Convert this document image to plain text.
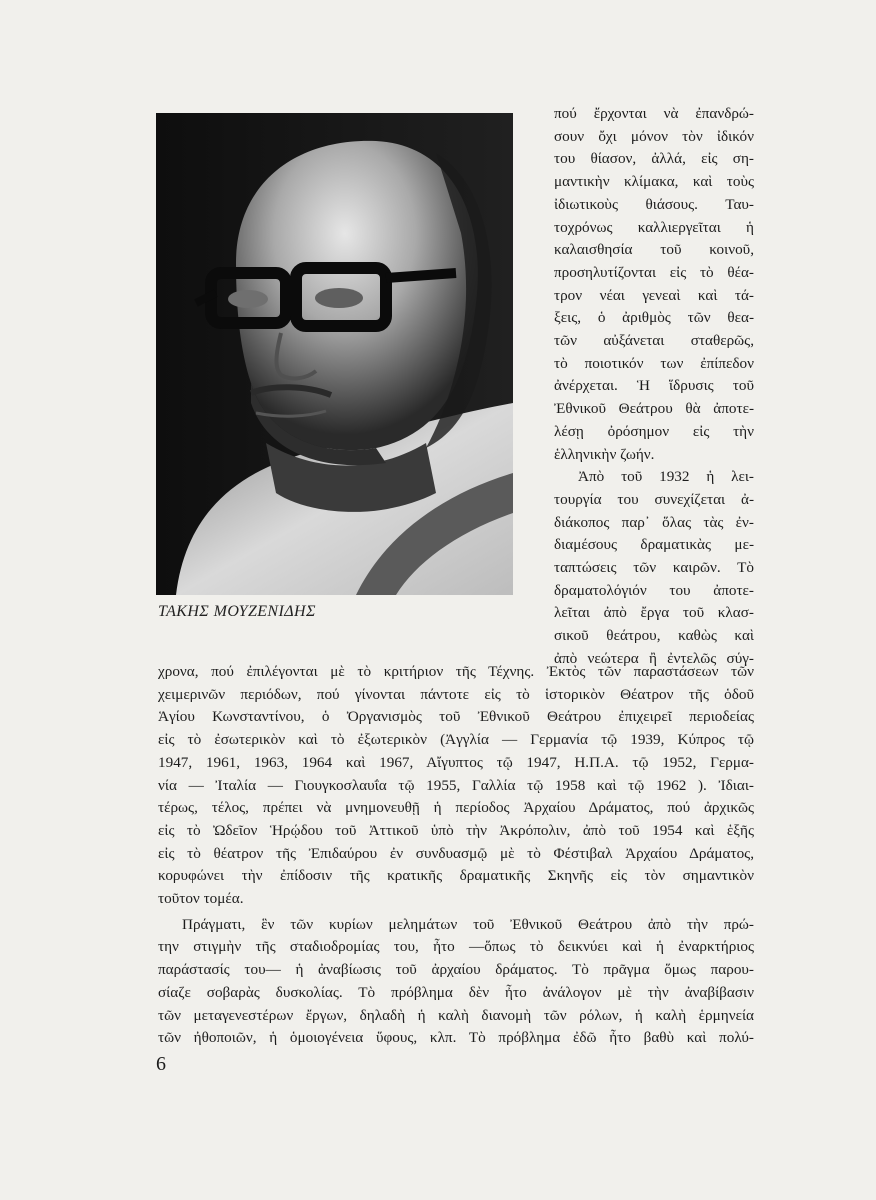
ΤΑΚΗΣ ΜΟΥΖΕΝΙΔΗΣ
πού ἔρχονται νὰ ἐπανδρώ-
σουν ὄχι μόνον τὸν ἰδικόν
του θίασον, ἀλλά, εἰς ση-
μαντικὴν κλίμακα, καὶ τοὺς
ἰδιωτικοὺς θιάσους. Ταυ-
τοχρόνως καλλιεργεῖται ἡ
καλαισθησία τοῦ κοινοῦ,
προσηλυτίζονται εἰς τὸ θέα-
τρον νέαι γενεαὶ καὶ τά-
ξεις, ὁ ἀριθμὸς τῶν θεα-
τῶν αὐξάνεται σταθερῶς,
τὸ ποιοτικόν των ἐπίπεδον
ἀνέρχεται. Ἡ ἵδρυσις τοῦ
Ἐθνικοῦ Θεάτρου θὰ ἀποτε-
λέσῃ ὀρόσημον εἰς τὴν
ἑλληνικὴν ζωήν.
Ἀπὸ τοῦ 1932 ἡ λει-
τουργία του συνεχίζεται ἀ-
διάκοπος παρ᾽ ὅλας τὰς ἐν-
διαμέσους δραματικὰς με-
ταπτώσεις τῶν καιρῶν. Τὸ
δραματολόγιόν του ἀποτε-
λεῖται ἀπὸ ἔργα τοῦ κλασ-
σικοῦ θεάτρου, καθὼς καὶ
ἀπὸ νεώτερα ἢ ἐντελῶς σύγ-
χρονα, πού ἐπιλέγονται μὲ τὸ κριτήριον τῆς Τέχνης. Ἐκτὸς τῶν παραστάσεων τῶν
χειμερινῶν περιόδων, πού γίνονται πάντοτε εἰς τὸ ἱστορικὸν Θέατρον τῆς ὁδοῦ
Ἁγίου Κωνσταντίνου, ὁ Ὀργανισμὸς τοῦ Ἐθνικοῦ Θεάτρου ἐπιχειρεῖ περιοδείας
εἰς τὸ ἐσωτερικὸν καὶ τὸ ἐξωτερικὸν (Ἀγγλία — Γερμανία τῷ 1939, Κύπρος τῷ
1947, 1961, 1963, 1964 καὶ 1967, Αἴγυπτος τῷ 1947, Η.Π.Α. τῷ 1952, Γερμα-
νία — Ἰταλία — Γιουγκοσλαυΐα τῷ 1955, Γαλλία τῷ 1958 καὶ τῷ 1962 ). Ἰδιαι-
τέρως, τέλος, πρέπει νὰ μνημονευθῇ ἡ περίοδος Ἀρχαίου Δράματος, πού ἀρχικῶς
εἰς τὸ Ὠδεῖον Ἡρῴδου τοῦ Ἀττικοῦ ὑπὸ τὴν Ἀκρόπολιν, ἀπὸ τοῦ 1954 καὶ ἑξῆς
εἰς τὸ θέατρον τῆς Ἐπιδαύρου ἐν συνδυασμῷ μὲ τὸ Φέστιβαλ Ἀρχαίου Δράματος,
κορυφώνει τὴν ἐπίδοσιν τῆς κρατικῆς δραματικῆς Σκηνῆς εἰς τὸν σημαντικὸν
τοῦτον τομέα.
Πράγματι, ἓν τῶν κυρίων μελημάτων τοῦ Ἐθνικοῦ Θεάτρου ἀπὸ τὴν πρώ-
την στιγμὴν τῆς σταδιοδρομίας του, ἦτο —ὅπως τὸ δεικνύει καὶ ἡ ἐναρκτήριος
παράστασίς του— ἡ ἀναβίωσις τοῦ ἀρχαίου δράματος. Τὸ πρᾶγμα ὅμως παρου-
σίαζε σοβαρὰς δυσκολίας. Τὸ πρόβλημα δὲν ἦτο ἀνάλογον μὲ τὴν ἀναβίβασιν
τῶν μεταγενεστέρων ἔργων, δηλαδὴ ἡ καλὴ διανομὴ τῶν ρόλων, ἡ καλὴ ἑρμηνεία
τῶν ἠθοποιῶν, ἡ ὁμοιογένεια ὕφους, κλπ. Τὸ πρόβλημα ἐδῶ ἦτο βαθὺ καὶ πολύ-
6
